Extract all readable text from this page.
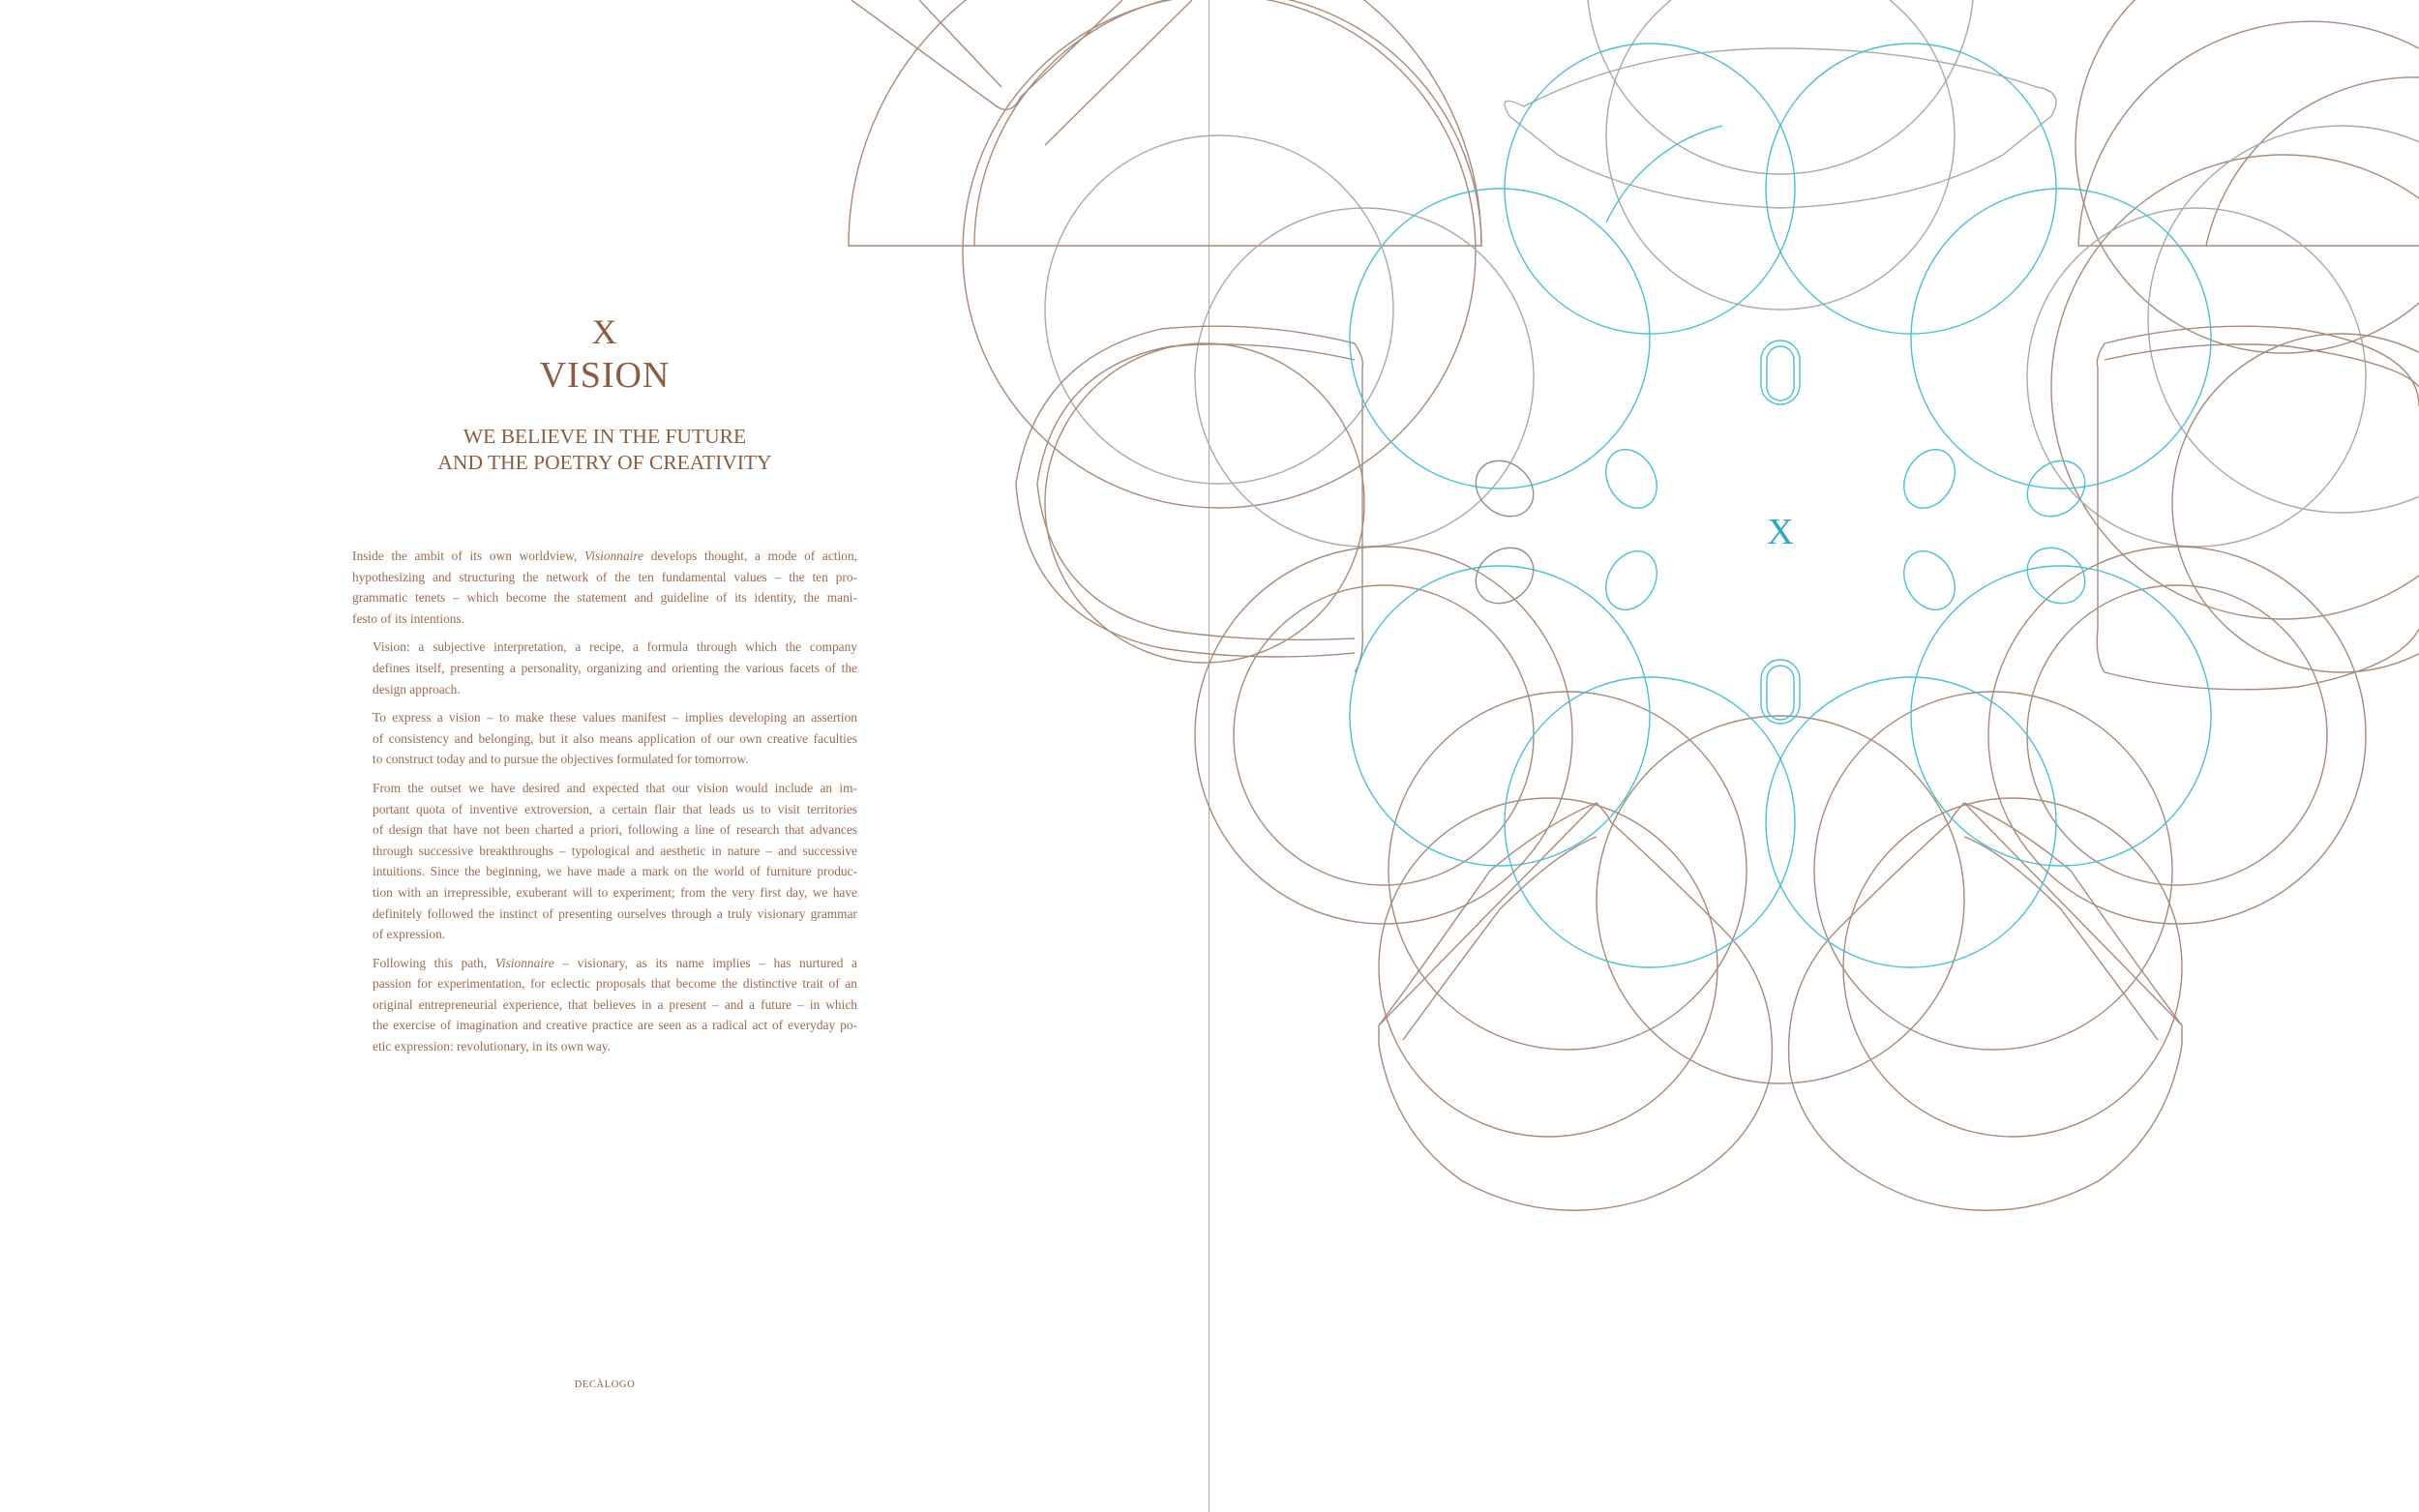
X
VISION
WE BELIEVE IN THE FUTURE
AND THE POETRY OF CREATIVITY
Inside the ambit of its own worldview, Visionnaire develops thought, a mode of action,
hypothesizing and structuring the network of the ten fundamental values – the ten pro-
grammatic tenets – which become the statement and guideline of its identity, the mani-
festo of its intentions.
Vision: a subjective interpretation, a recipe, a formula through which the company
defines itself, presenting a personality, organizing and orienting the various facets of the
design approach.
To express a vision – to make these values manifest – implies developing an assertion
of consistency and belonging, but it also means application of our own creative faculties
to construct today and to pursue the objectives formulated for tomorrow.
From the outset we have desired and expected that our vision would include an im-
portant quota of inventive extroversion, a certain flair that leads us to visit territories
of design that have not been charted a priori, following a line of research that advances
through successive breakthroughs – typological and aesthetic in nature – and successive
intuitions. Since the beginning, we have made a mark on the world of furniture produc-
tion with an irrepressible, exuberant will to experiment; from the very first day, we have
definitely followed the instinct of presenting ourselves through a truly visionary grammar
of expression.
Following this path, Visionnaire – visionary, as its name implies – has nurtured a
passion for experimentation, for eclectic proposals that become the distinctive trait of an
original entrepreneurial experience, that believes in a present – and a future – in which
the exercise of imagination and creative practice are seen as a radical act of everyday po-
etic expression: revolutionary, in its own way.
DECÀLOGO
X
